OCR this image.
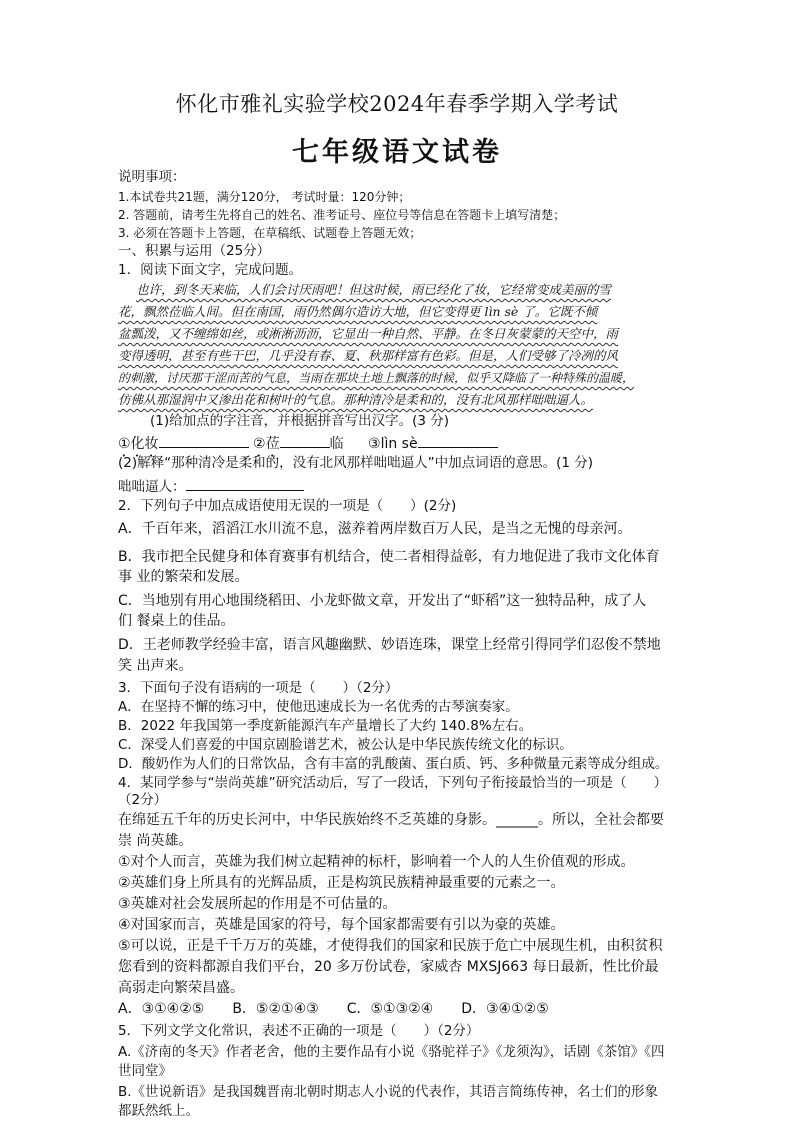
怀化市雅礼实验学校2024年春季学期入学考试
七年级语文试卷
说明事项：
1.本试卷共21题，满分120分， 考试时量：120分钟；
2. 答题前，请考生先将自己的姓名、准考证号、座位号等信息在答题卡上填写清楚；
3. 必须在答题卡上答题，在草稿纸、试题卷上答题无效；
一、积累与运用（25分）
1．阅读下面文字，完成问题。
也许，到冬天来临，人们会讨厌雨吧！但这时候，雨已经化了妆，它经常变成美丽的雪
花，飘然莅临人间。但在南国，雨仍然偶尔造访大地，但它变得更 lìn sè 了。它既不倾
盆瓢泼，又不缠绵如丝，或淅淅沥沥，它显出一种自然、平静。在冬日灰蒙蒙的天空中，雨
变得透明，甚至有些干巴，几乎没有春、夏、秋那样富有色彩。但是，人们受够了冷冽的风
的刺激，讨厌那干涩而苦的气息，当雨在那块土地上飘落的时候，似乎又降临了一种特殊的温暖，
仿佛从那湿润中又渗出花和树叶的气息。那种清冷是柔和的，没有北风那样咄咄逼人。
(1)给加点的字注音，并根据拼音写出汉字。(3 分)
①化妆	②莅	临 ③lìn sè
(2)解释“那种清冷是柔和的，没有北风那样咄咄逼人”中加点词语的意思。(1 分)
咄咄逼人：
2．下列句子中加点成语使用无误的一项是（　　）(2分)
A．千百年来，滔滔江水川流不息，滋养着两岸数百万人民，是当之无愧的母亲河。
B．我市把全民健身和体育赛事有机结合，使二者相得益彰，有力地促进了我市文化体育
事 业的繁荣和发展。
C．当地别有用心地围绕稻田、小龙虾做文章，开发出了“虾稻”这一独特品种，成了人
们 餐桌上的佳品。
D．王老师教学经验丰富，语言风趣幽默、妙语连珠，课堂上经常引得同学们忍俊不禁地
笑 出声来。
3．下面句子没有语病的一项是（　　）（2分）
A．在坚持不懈的练习中，使他迅速成长为一名优秀的古琴演奏家。
B．2022 年我国第一季度新能源汽车产量增长了大约 140.8%左右。
C．深受人们喜爱的中国京剧脸谱艺术，被公认是中华民族传统文化的标识。
D．酸奶作为人们的日常饮品，含有丰富的乳酸菌、蛋白质、钙、多种微量元素等成分组成。
4．某同学参与“崇尚英雄”研究活动后，写了一段话，下列句子衔接最恰当的一项是（　　）
（2分）
在绵延五千年的历史长河中，中华民族始终不乏英雄的身影。______。所以，全社会都要
崇 尚英雄。
①对个人而言，英雄为我们树立起精神的标杆，影响着一个人的人生价值观的形成。
②英雄们身上所具有的光辉品质，正是构筑民族精神最重要的元素之一。
③英雄对社会发展所起的作用是不可估量的。
④对国家而言，英雄是国家的符号，每个国家都需要有引以为豪的英雄。
⑤可以说，正是千千万万的英雄，才使得我们的国家和民族于危亡中展现生机，由积贫积
您看到的资料都源自我们平台，20 多万份试卷，家威杏 MXSJ663 每日最新，性比价最
高弱走向繁荣昌盛。
A．③①④②⑤　　B．⑤②①④③　　C．⑤①③②④　　D．③④①②⑤
5．下列文学文化常识，表述不正确的一项是（　　）（2分）
A.《济南的冬天》作者老舍，他的主要作品有小说《骆驼祥子》《龙须沟》，话剧《茶馆》《四
世同堂》
B.《世说新语》是我国魏晋南北朝时期志人小说的代表作，其语言简练传神，名士们的形象
都跃然纸上。
